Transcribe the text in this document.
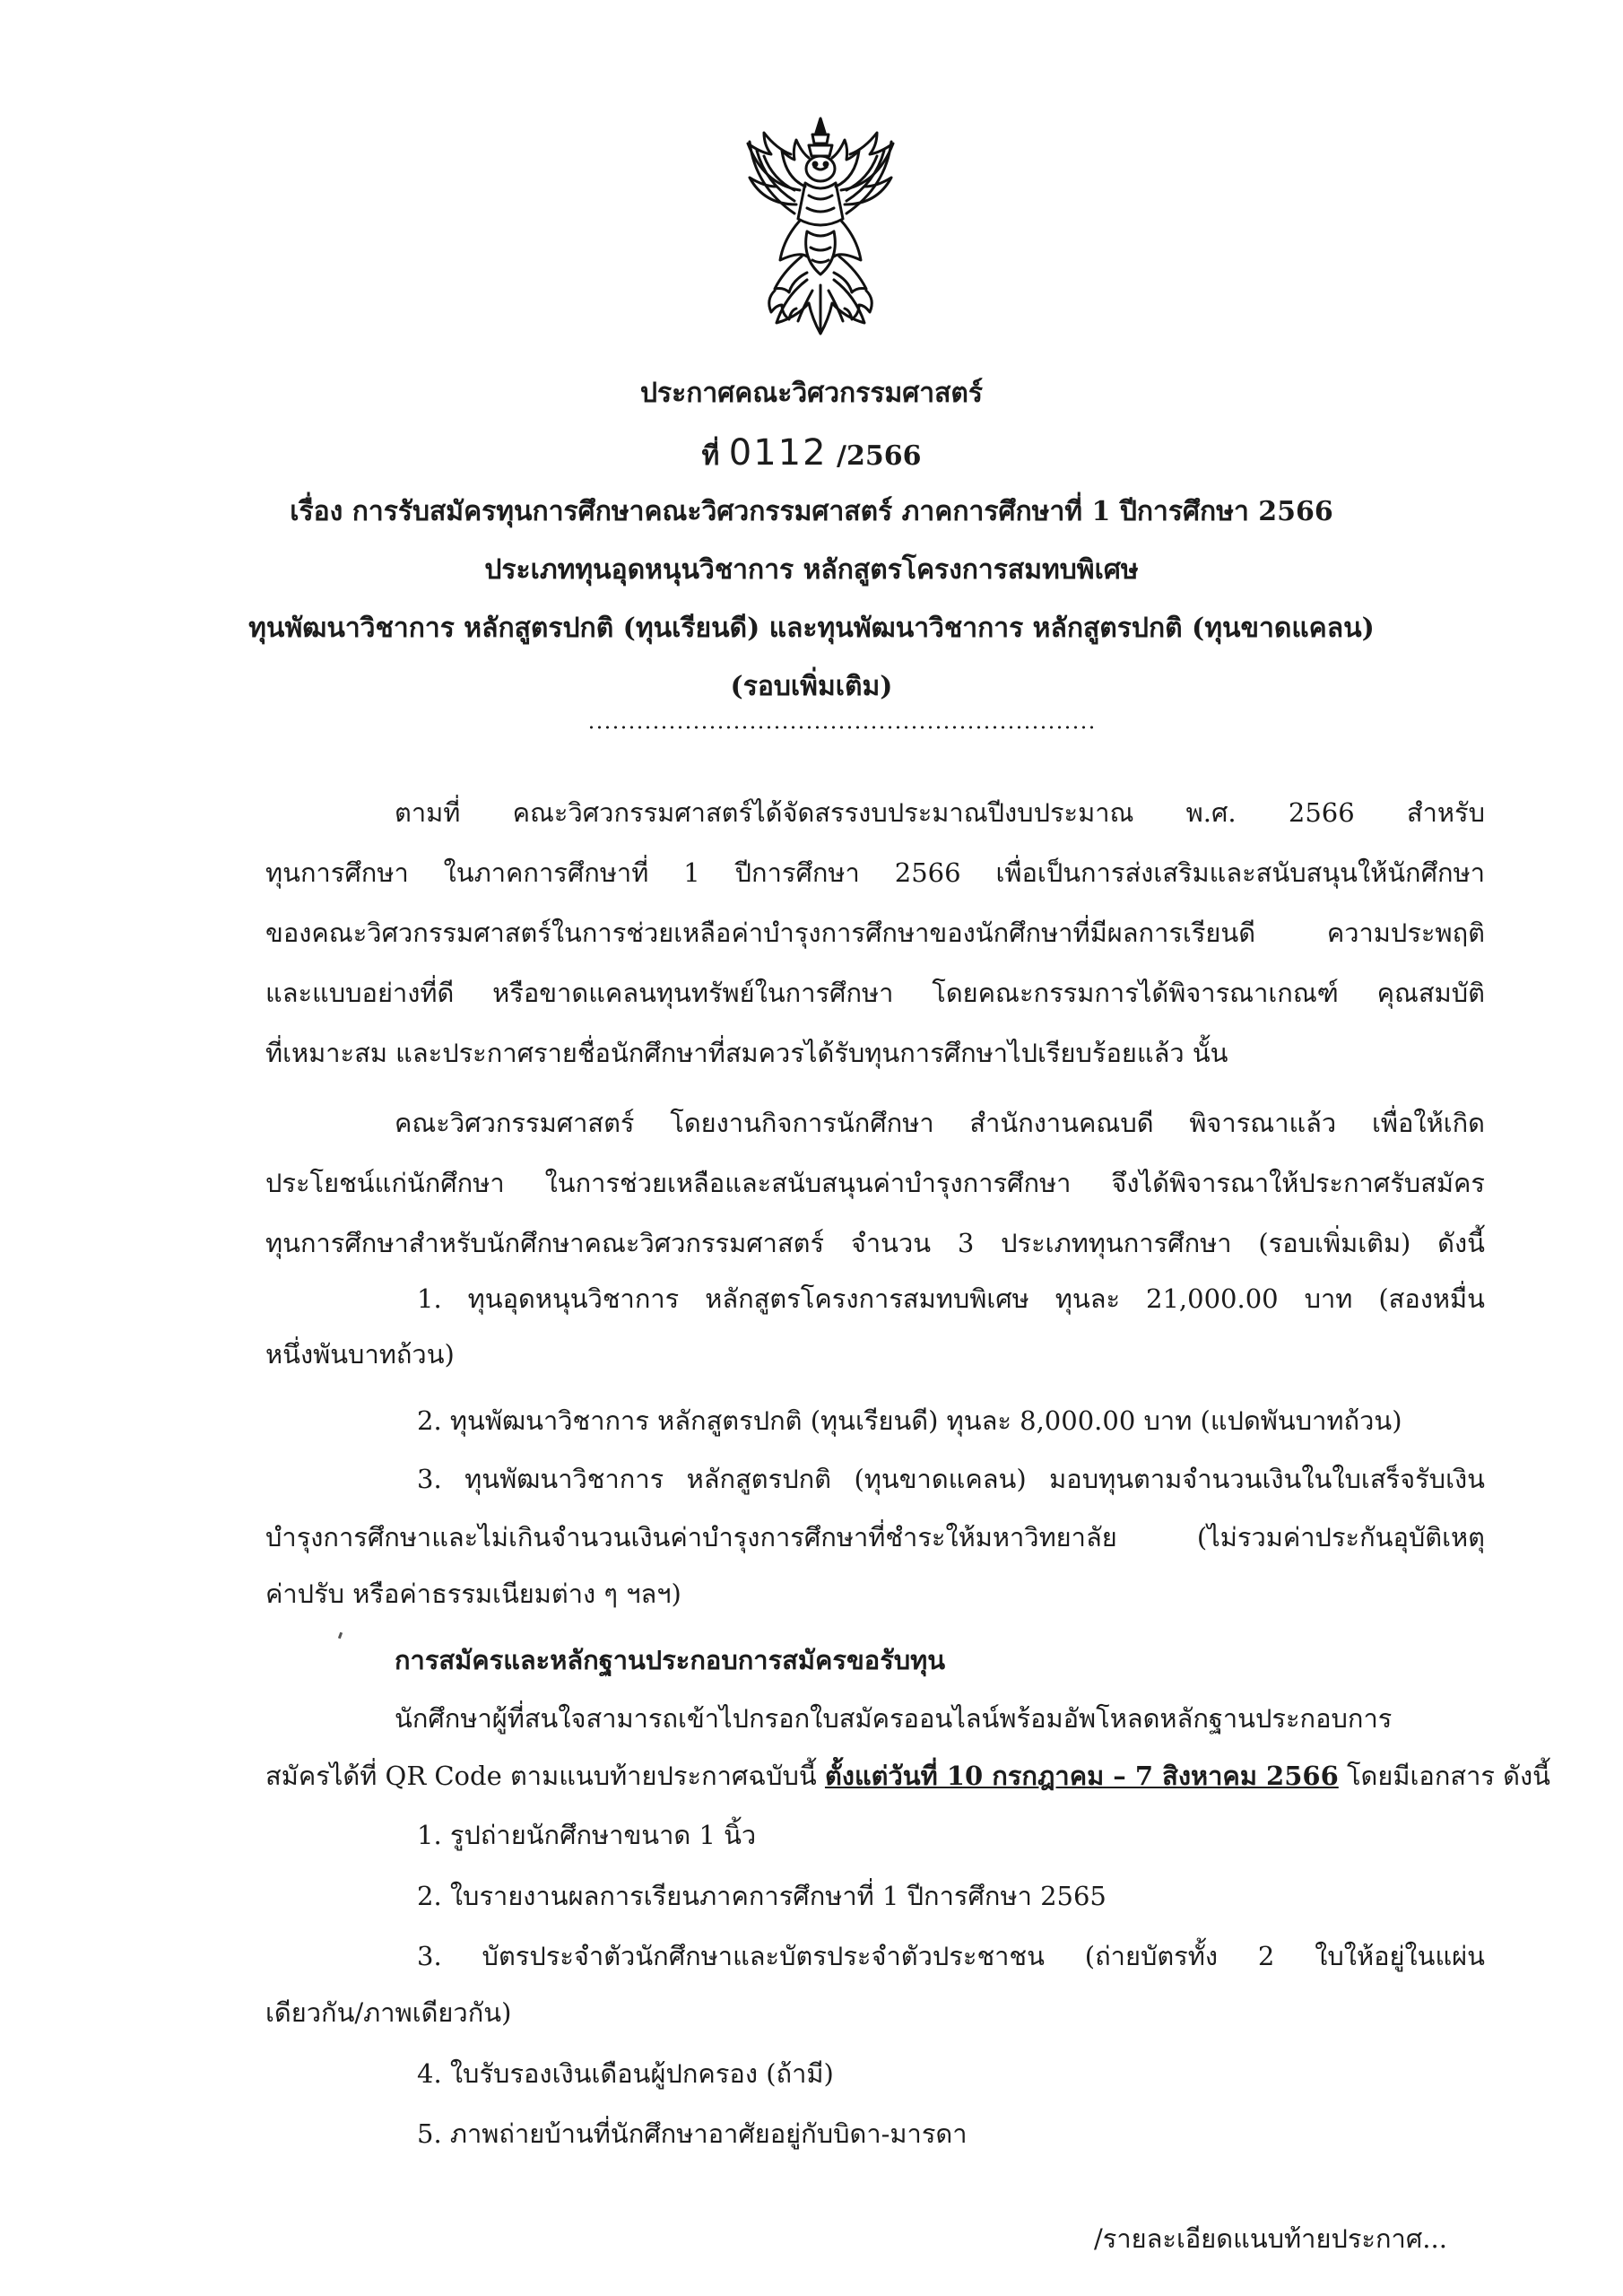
ประกาศคณะวิศวกรรมศาสตร์
ที่ 0112 /2566
เรื่อง การรับสมัครทุนการศึกษาคณะวิศวกรรมศาสตร์ ภาคการศึกษาที่ 1 ปีการศึกษา 2566
ประเภททุนอุดหนุนวิชาการ หลักสูตรโครงการสมทบพิเศษ
ทุนพัฒนาวิชาการ หลักสูตรปกติ (ทุนเรียนดี) และทุนพัฒนาวิชาการ หลักสูตรปกติ (ทุนขาดแคลน)
(รอบเพิ่มเติม)
ตามที่ คณะวิศวกรรมศาสตร์ได้จัดสรรงบประมาณปีงบประมาณ พ.ศ. 2566 สำหรับ
ทุนการศึกษา ในภาคการศึกษาที่ 1 ปีการศึกษา 2566 เพื่อเป็นการส่งเสริมและสนับสนุนให้นักศึกษา
ของคณะวิศวกรรมศาสตร์ในการช่วยเหลือค่าบำรุงการศึกษาของนักศึกษาที่มีผลการเรียนดี ความประพฤติ
และแบบอย่างที่ดี หรือขาดแคลนทุนทรัพย์ในการศึกษา โดยคณะกรรมการได้พิจารณาเกณฑ์ คุณสมบัติ
ที่เหมาะสม และประกาศรายชื่อนักศึกษาที่สมควรได้รับทุนการศึกษาไปเรียบร้อยแล้ว นั้น
คณะวิศวกรรมศาสตร์ โดยงานกิจการนักศึกษา สำนักงานคณบดี พิจารณาแล้ว เพื่อให้เกิด
ประโยชน์แก่นักศึกษา ในการช่วยเหลือและสนับสนุนค่าบำรุงการศึกษา จึงได้พิจารณาให้ประกาศรับสมัคร
ทุนการศึกษาสำหรับนักศึกษาคณะวิศวกรรมศาสตร์ จำนวน 3 ประเภททุนการศึกษา (รอบเพิ่มเติม) ดังนี้
1. ทุนอุดหนุนวิชาการ หลักสูตรโครงการสมทบพิเศษ ทุนละ 21,000.00 บาท (สองหมื่น
หนึ่งพันบาทถ้วน)
2. ทุนพัฒนาวิชาการ หลักสูตรปกติ (ทุนเรียนดี) ทุนละ 8,000.00 บาท (แปดพันบาทถ้วน)
3. ทุนพัฒนาวิชาการ หลักสูตรปกติ (ทุนขาดแคลน) มอบทุนตามจำนวนเงินในใบเสร็จรับเงิน
บำรุงการศึกษาและไม่เกินจำนวนเงินค่าบำรุงการศึกษาที่ชำระให้มหาวิทยาลัย (ไม่รวมค่าประกันอุบัติเหตุ
ค่าปรับ หรือค่าธรรมเนียมต่าง ๆ ฯลฯ)
การสมัครและหลักฐานประกอบการสมัครขอรับทุน
นักศึกษาผู้ที่สนใจสามารถเข้าไปกรอกใบสมัครออนไลน์พร้อมอัพโหลดหลักฐานประกอบการ
สมัครได้ที่ QR Code ตามแนบท้ายประกาศฉบับนี้ ตั้งแต่วันที่ 10 กรกฎาคม – 7 สิงหาคม 2566 โดยมีเอกสาร ดังนี้
1. รูปถ่ายนักศึกษาขนาด 1 นิ้ว
2. ใบรายงานผลการเรียนภาคการศึกษาที่ 1 ปีการศึกษา 2565
3. บัตรประจำตัวนักศึกษาและบัตรประจำตัวประชาชน (ถ่ายบัตรทั้ง 2 ใบให้อยู่ในแผ่น
เดียวกัน/ภาพเดียวกัน)
4. ใบรับรองเงินเดือนผู้ปกครอง (ถ้ามี)
5. ภาพถ่ายบ้านที่นักศึกษาอาศัยอยู่กับบิดา-มารดา
/รายละเอียดแนบท้ายประกาศ...
